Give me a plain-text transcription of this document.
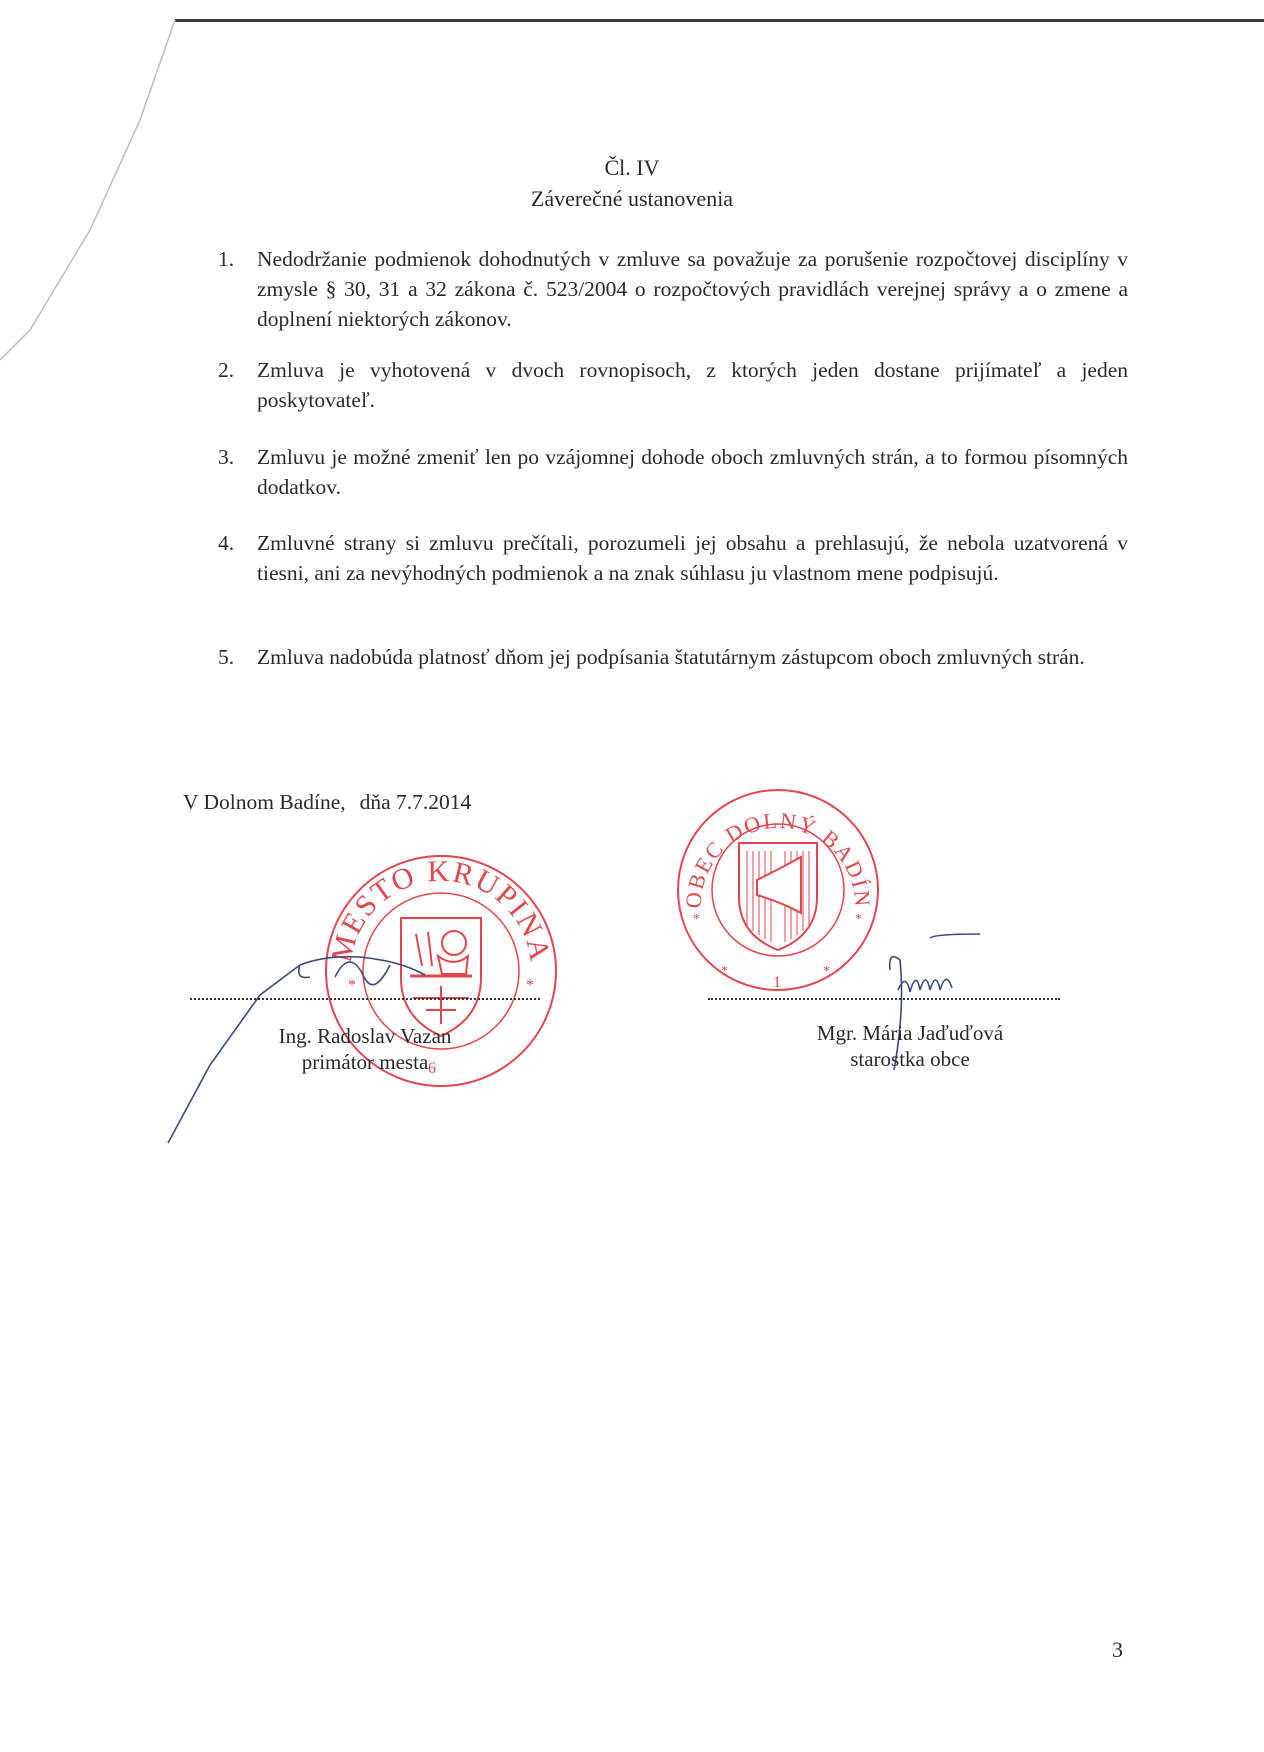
Čl. IV
Záverečné ustanovenia
1. Nedodržanie podmienok dohodnutých v zmluve sa považuje za porušenie rozpočtovej disciplíny v zmysle § 30, 31 a 32 zákona č. 523/2004 o rozpočtových pravidlách verejnej správy a o zmene a doplnení niektorých zákonov.
2. Zmluva je vyhotovená v dvoch rovnopisoch, z ktorých jeden dostane prijímateľ a jeden poskytovateľ.
3. Zmluvu je možné zmeniť len po vzájomnej dohode oboch zmluvných strán, a to formou písomných dodatkov.
4. Zmluvné strany si zmluvu prečítali, porozumeli jej obsahu a prehlasujú, že nebola uzatvorená v tiesni, ani za nevýhodných podmienok a na znak súhlasu ju vlastnom mene podpisujú.
5. Zmluva nadobúda platnosť dňom jej podpísania štatutárnym zástupcom oboch zmluvných strán.
V Dolnom Badíne, dňa 7.7.2014
MESTO KRUPINA
6
*	*
OBEC DOLNÝ BADÍN
1
*	*
*	*
Ing. Radoslav Vazan
primátor mesta
Mgr. Mária Jaďuďová
starostka obce
3
